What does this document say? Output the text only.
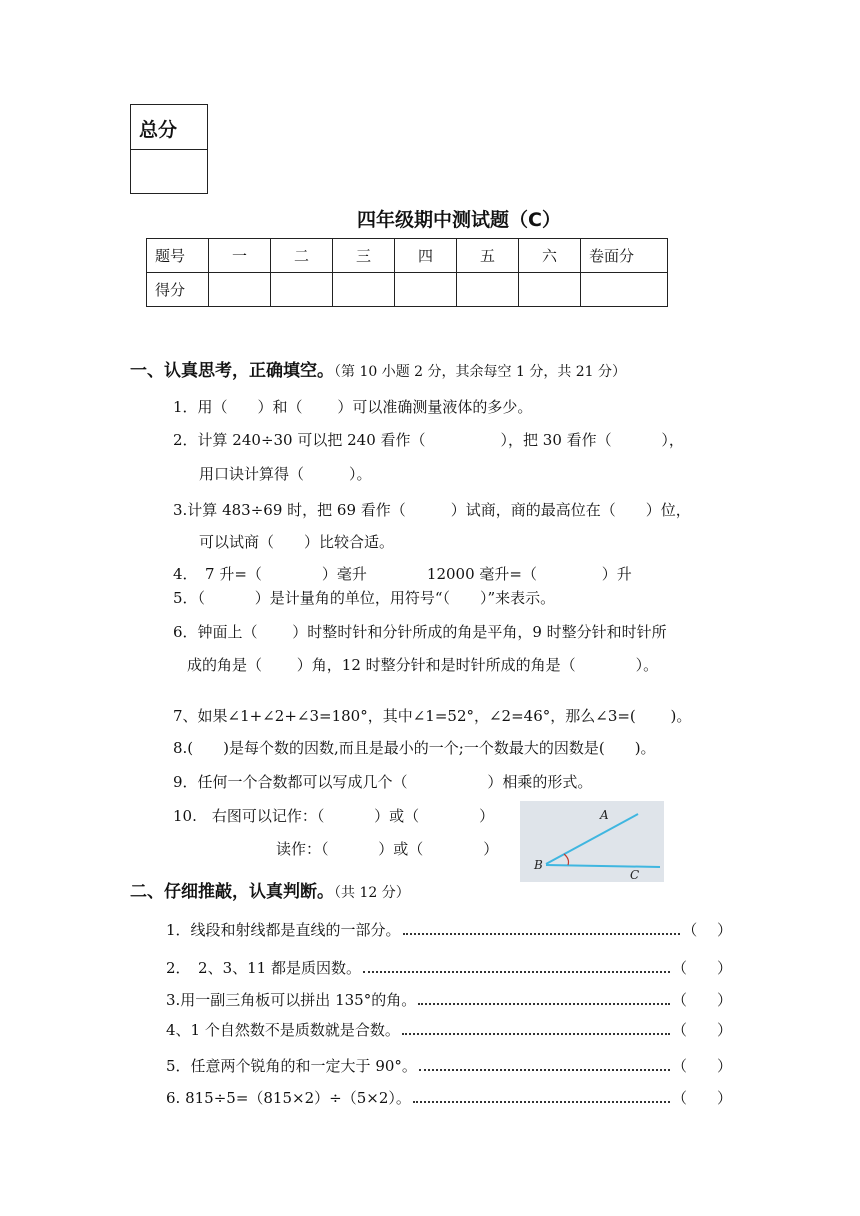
总分
四年级期中测试题（C）
题号	一	二	三	四	五	六	卷面分
得分							
一、认真思考，正确填空。（第 10 小题 2 分，其余每空 1 分，共 21 分）
1．用（　　）和（　　 ）可以准确测量液体的多少。
2．计算 240÷30 可以把 240 看作（　　　　　），把 30 看作（　　　 ），
用口诀计算得（　　　）。
3.计算 483÷69 时，把 69 看作（　　　）试商，商的最高位在（　　）位，
可以试商（　　）比较合适。
4．　7 升=（　　　　）毫升　　　　12000 毫升=（　　　　 ）升
5．（　　　 ）是计量角的单位，用符号“（　　）”来表示。
6．钟面上（　　 ）时整时针和分针所成的角是平角，9 时整分针和时针所
成的角是（　　 ）角，12 时整分针和是时针所成的角是（　　　　）。
7、如果∠1+∠2+∠3=180°，其中∠1=52°，∠2=46°，那么∠3=(　　 )。
8.(　　)是每个数的因数,而且是最小的一个;一个数最大的因数是(　　)。
9．任何一个合数都可以写成几个（　　　　　 ）相乘的形式。
10.　右图可以记作：（　　　 ）或（　　　　）
读作：（　　　 ）或（　　　　）
A
B
C
二、仔细推敲，认真判断。（共 12 分）
1．线段和射线都是直线的一部分。	（　 ）
2．　2、3、11 都是质因数。	（　　）
3.用一副三角板可以拼出 135°的角。	（　　）
4、1 个自然数不是质数就是合数。	（　　）
5．任意两个锐角的和一定大于 90°。	（　　）
6. 815÷5=（815×2）÷（5×2）。	（　　）
